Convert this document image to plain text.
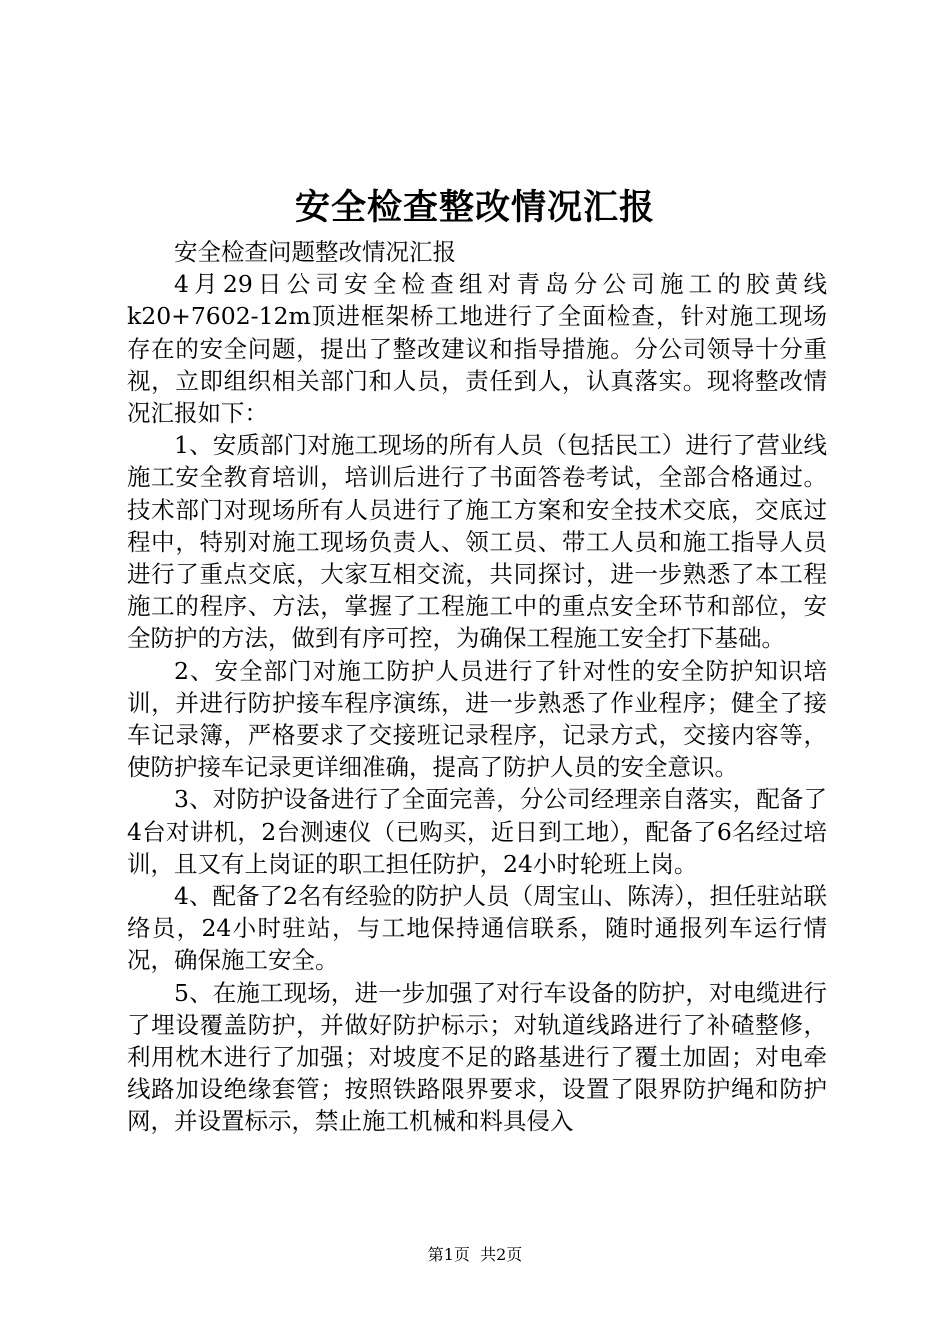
安全检查整改情况汇报

安全检查问题整改情况汇报

4月29日公司安全检查组对青岛分公司施工的胶黄线k20+7602-12m顶进框架桥工地进行了全面检查，针对施工现场存在的安全问题，提出了整改建议和指导措施。分公司领导十分重视，立即组织相关部门和人员，责任到人，认真落实。现将整改情况汇报如下：

1、安质部门对施工现场的所有人员（包括民工）进行了营业线施工安全教育培训，培训后进行了书面答卷考试，全部合格通过。技术部门对现场所有人员进行了施工方案和安全技术交底，交底过程中，特别对施工现场负责人、领工员、带工人员和施工指导人员进行了重点交底，大家互相交流，共同探讨，进一步熟悉了本工程施工的程序、方法，掌握了工程施工中的重点安全环节和部位，安全防护的方法，做到有序可控，为确保工程施工安全打下基础。

2、安全部门对施工防护人员进行了针对性的安全防护知识培训，并进行防护接车程序演练，进一步熟悉了作业程序；健全了接车记录簿，严格要求了交接班记录程序，记录方式，交接内容等，使防护接车记录更详细准确，提高了防护人员的安全意识。

3、对防护设备进行了全面完善，分公司经理亲自落实，配备了4台对讲机，2台测速仪（已购买，近日到工地），配备了6名经过培训，且又有上岗证的职工担任防护，24小时轮班上岗。

4、配备了2名有经验的防护人员（周宝山、陈涛），担任驻站联络员，24小时驻站，与工地保持通信联系，随时通报列车运行情况，确保施工安全。

5、在施工现场，进一步加强了对行车设备的防护，对电缆进行了埋设覆盖防护，并做好防护标示；对轨道线路进行了补碴整修，利用枕木进行了加强；对坡度不足的路基进行了覆土加固；对电牵线路加设绝缘套管；按照铁路限界要求，设置了限界防护绳和防护网，并设置标示，禁止施工机械和料具侵入

第1页 共2页
